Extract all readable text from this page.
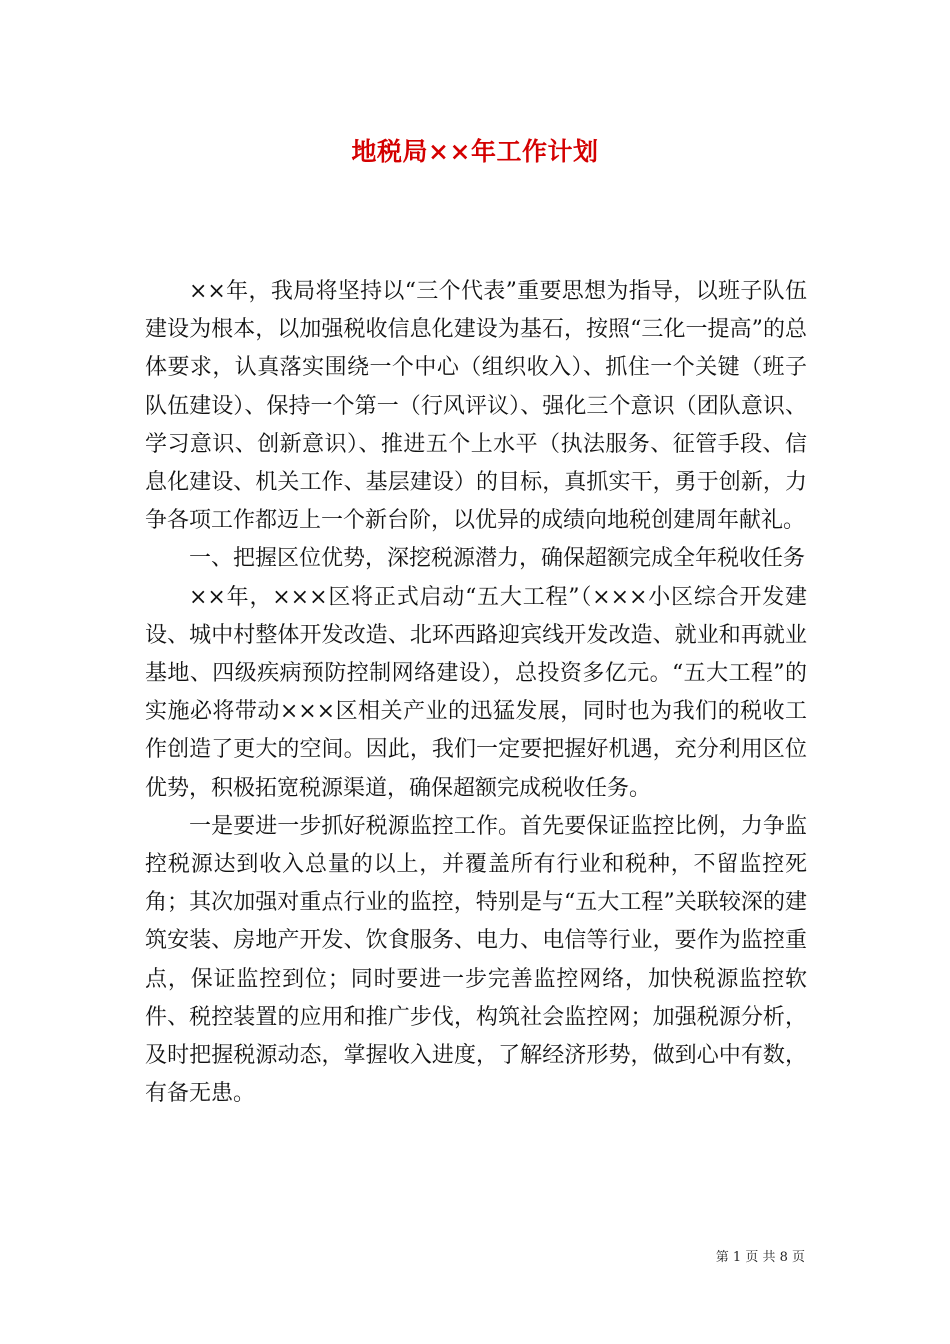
地税局××年工作计划

××年，我局将坚持以“三个代表”重要思想为指导，以班子队伍建设为根本，以加强税收信息化建设为基石，按照“三化一提高”的总体要求，认真落实围绕一个中心（组织收入）、抓住一个关键（班子队伍建设）、保持一个第一（行风评议）、强化三个意识（团队意识、学习意识、创新意识）、推进五个上水平（执法服务、征管手段、信息化建设、机关工作、基层建设）的目标，真抓实干，勇于创新，力争各项工作都迈上一个新台阶，以优异的成绩向地税创建周年献礼。

一、把握区位优势，深挖税源潜力，确保超额完成全年税收任务

××年，×××区将正式启动“五大工程”（×××小区综合开发建设、城中村整体开发改造、北环西路迎宾线开发改造、就业和再就业基地、四级疾病预防控制网络建设），总投资多亿元。“五大工程”的实施必将带动×××区相关产业的迅猛发展，同时也为我们的税收工作创造了更大的空间。因此，我们一定要把握好机遇，充分利用区位优势，积极拓宽税源渠道，确保超额完成税收任务。

一是要进一步抓好税源监控工作。首先要保证监控比例，力争监控税源达到收入总量的以上，并覆盖所有行业和税种，不留监控死角；其次加强对重点行业的监控，特别是与“五大工程”关联较深的建筑安装、房地产开发、饮食服务、电力、电信等行业，要作为监控重点，保证监控到位；同时要进一步完善监控网络，加快税源监控软件、税控装置的应用和推广步伐，构筑社会监控网；加强税源分析，及时把握税源动态，掌握收入进度，了解经济形势，做到心中有数，有备无患。

第 1 页 共 8 页
